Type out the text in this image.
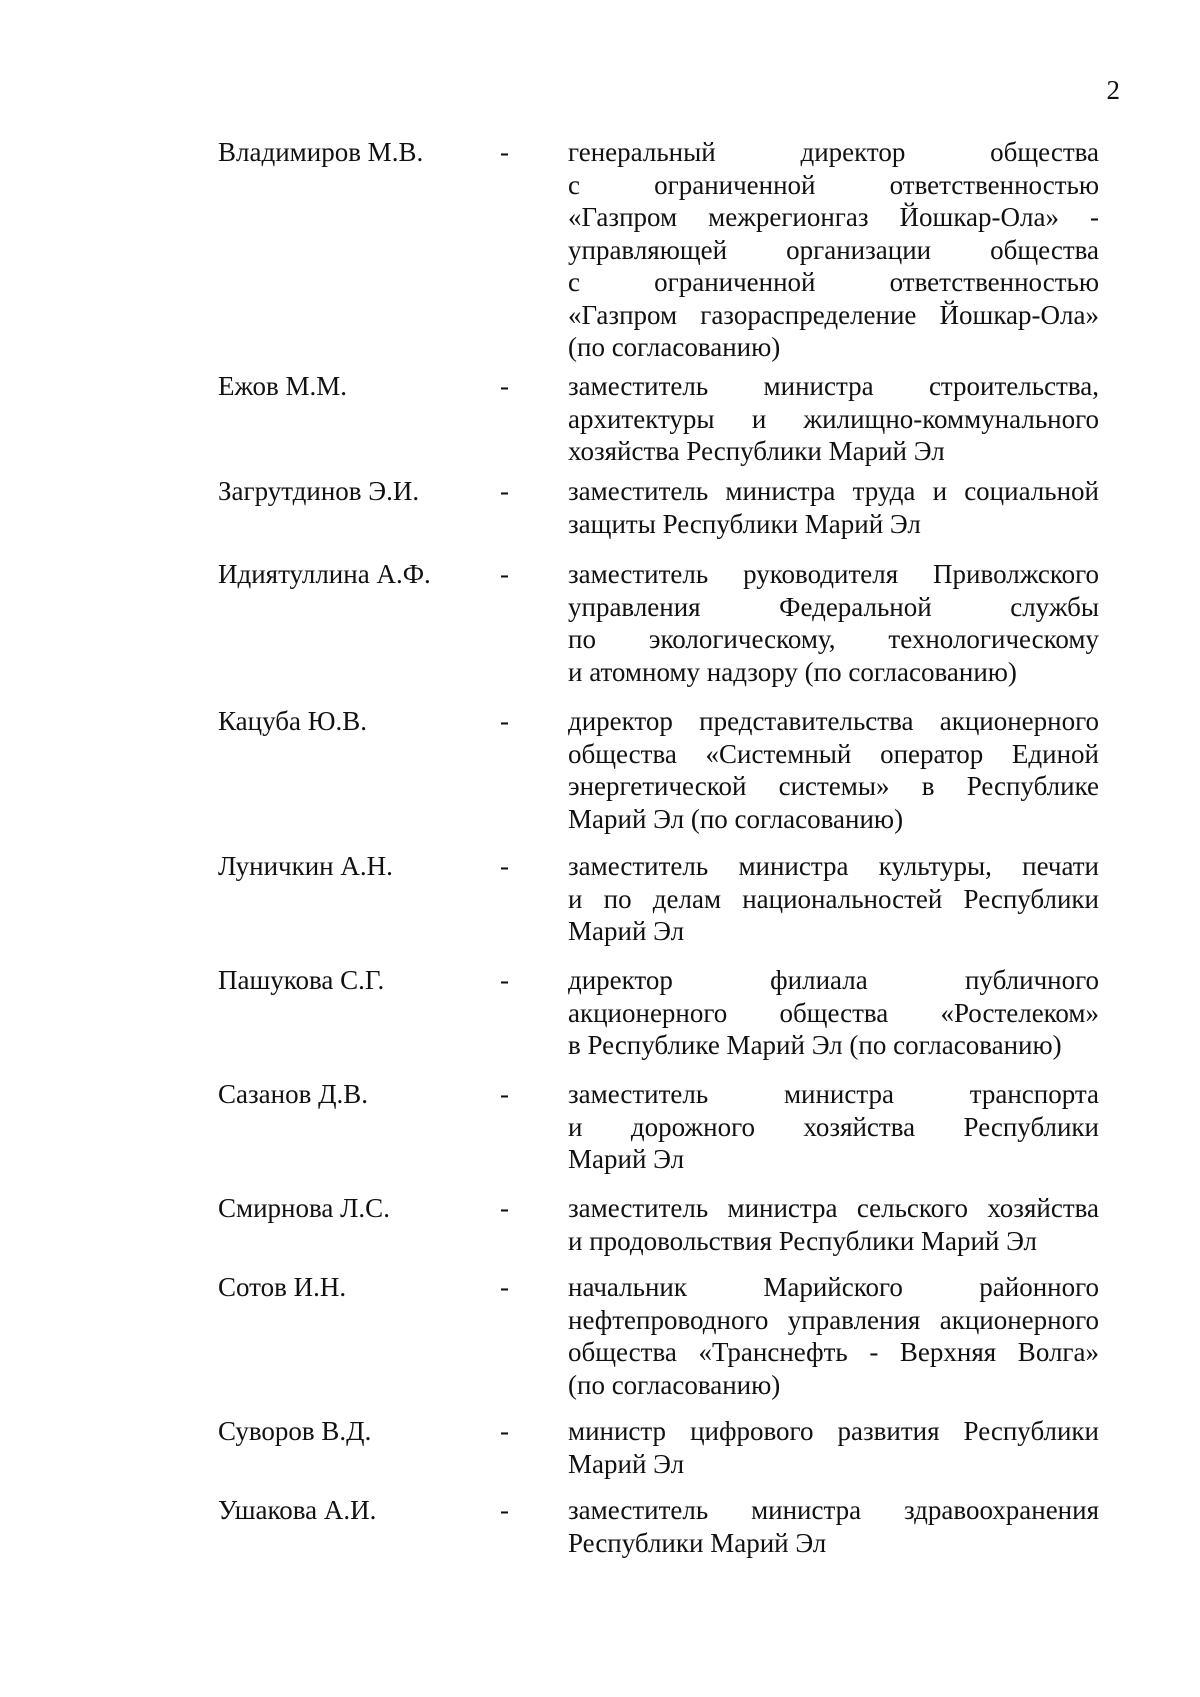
2
Владимиров М.В.	-	генеральный директор общества
с ограниченной ответственностью
«Газпром межрегионгаз Йошкар-Ола» -
управляющей организации общества
с ограниченной ответственностью
«Газпром газораспределение Йошкар-Ола»
(по согласованию)
Ежов М.М.	-	заместитель министра строительства,
архитектуры и жилищно-коммунального
хозяйства Республики Марий Эл
Загрутдинов Э.И.	-	заместитель министра труда и социальной
защиты Республики Марий Эл
Идиятуллина А.Ф.	-	заместитель руководителя Приволжского
управления Федеральной службы
по экологическому, технологическому
и атомному надзору (по согласованию)
Кацуба Ю.В.	-	директор представительства акционерного
общества «Системный оператор Единой
энергетической системы» в Республике
Марий Эл (по согласованию)
Луничкин А.Н.	-	заместитель министра культуры, печати
и по делам национальностей Республики
Марий Эл
Пашукова С.Г.	-	директор филиала публичного
акционерного общества «Ростелеком»
в Республике Марий Эл (по согласованию)
Сазанов Д.В.	-	заместитель министра транспорта
и дорожного хозяйства Республики
Марий Эл
Смирнова Л.С.	-	заместитель министра сельского хозяйства
и продовольствия Республики Марий Эл
Сотов И.Н.	-	начальник Марийского районного
нефтепроводного управления акционерного
общества «Транснефть - Верхняя Волга»
(по согласованию)
Суворов В.Д.	-	министр цифрового развития Республики
Марий Эл
Ушакова А.И.	-	заместитель министра здравоохранения
Республики Марий Эл
